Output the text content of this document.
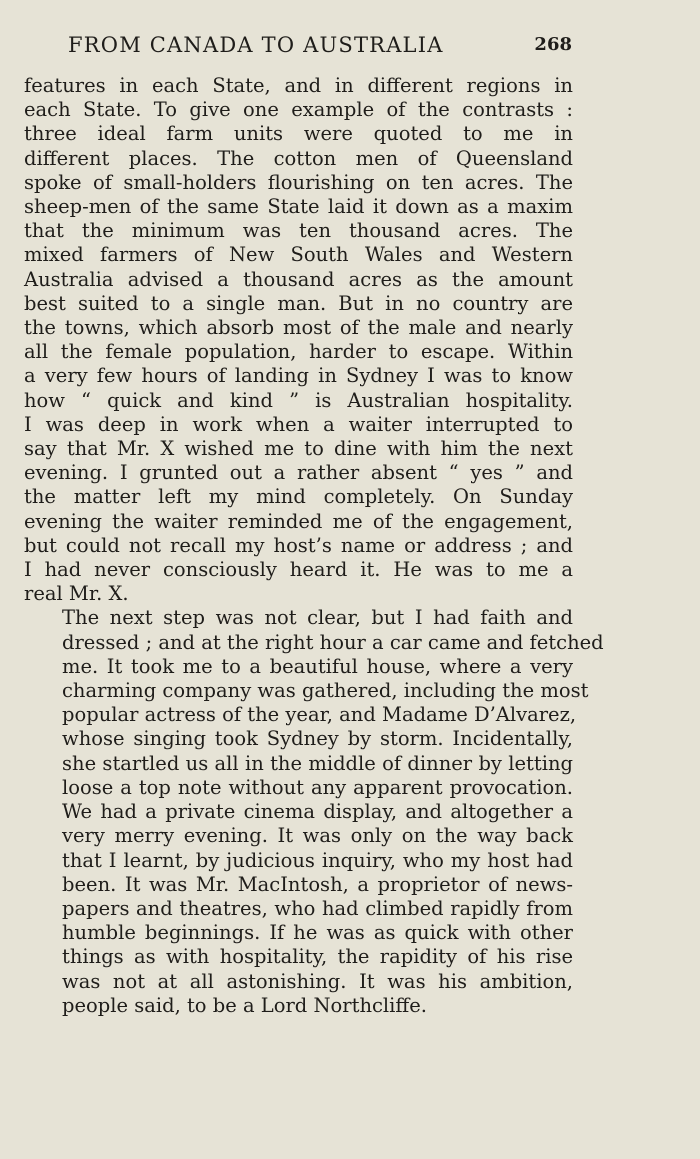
FROM CANADA TO AUSTRALIA	268

features in each State, and in different regions in
each State. To give one example of the contrasts :
three ideal farm units were quoted to me in
different places. The cotton men of Queensland
spoke of small-holders flourishing on ten acres. The
sheep-men of the same State laid it down as a maxim
that the minimum was ten thousand acres. The
mixed farmers of New South Wales and Western
Australia advised a thousand acres as the amount
best suited to a single man. But in no country are
the towns, which absorb most of the male and nearly
all the female population, harder to escape. Within
a very few hours of landing in Sydney I was to know
how “ quick and kind ” is Australian hospitality.
I was deep in work when a waiter interrupted to
say that Mr. X wished me to dine with him the next
evening. I grunted out a rather absent “ yes ” and
the matter left my mind completely. On Sunday
evening the waiter reminded me of the engagement,
but could not recall my host’s name or address ; and
I had never consciously heard it. He was to me a
real Mr. X.

The next step was not clear, but I had faith and
dressed ; and at the right hour a car came and fetched
me. It took me to a beautiful house, where a very
charming company was gathered, including the most
popular actress of the year, and Madame D’Alvarez,
whose singing took Sydney by storm. Incidentally,
she startled us all in the middle of dinner by letting
loose a top note without any apparent provocation.
We had a private cinema display, and altogether a
very merry evening. It was only on the way back
that I learnt, by judicious inquiry, who my host had
been. It was Mr. MacIntosh, a proprietor of news-
papers and theatres, who had climbed rapidly from
humble beginnings. If he was as quick with other
things as with hospitality, the rapidity of his rise
was not at all astonishing. It was his ambition,
people said, to be a Lord Northcliffe.
